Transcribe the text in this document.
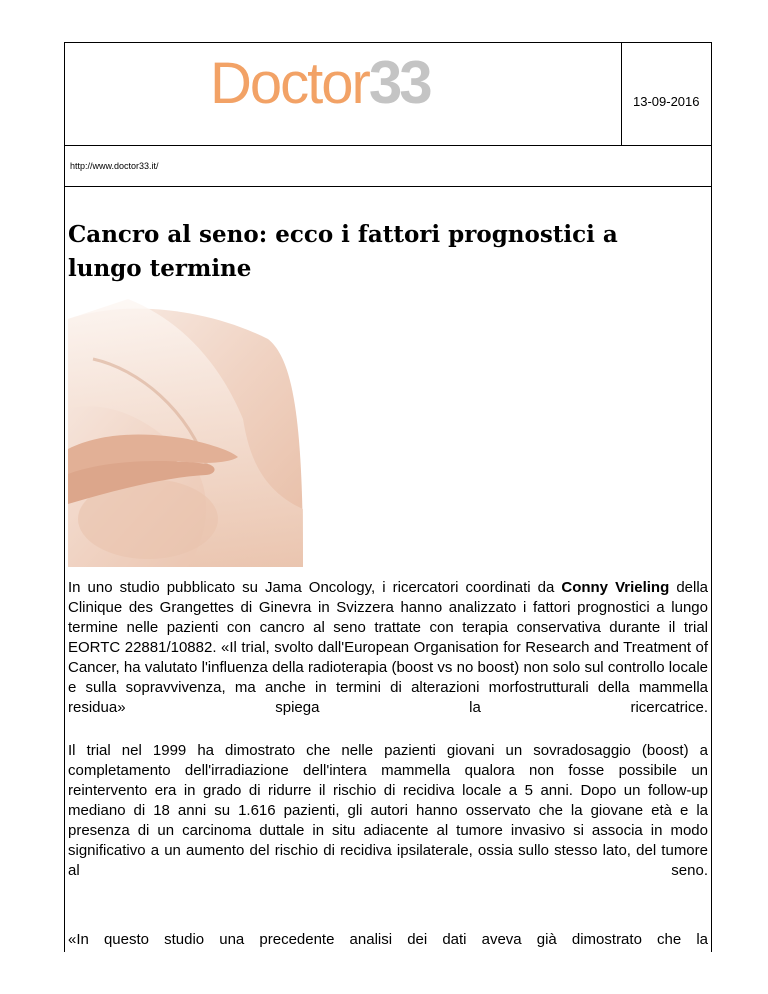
Doctor33	13-09-2016
http://www.doctor33.it/
Cancro al seno: ecco i fattori prognostici a lungo termine

In uno studio pubblicato su Jama Oncology, i ricercatori coordinati da Conny Vrieling della Clinique des Grangettes di Ginevra in Svizzera hanno analizzato i fattori prognostici a lungo termine nelle pazienti con cancro al seno trattate con terapia conservativa durante il trial EORTC 22881/10882. «Il trial, svolto dall'European Organisation for Research and Treatment of Cancer, ha valutato l'influenza della radioterapia (boost vs no boost) non solo sul controllo locale e sulla sopravvivenza, ma anche in termini di alterazioni morfostrutturali della mammella residua» spiega la ricercatrice.

Il trial nel 1999 ha dimostrato che nelle pazienti giovani un sovradosaggio (boost) a completamento dell'irradiazione dell'intera mammella qualora non fosse possibile un reintervento era in grado di ridurre il rischio di recidiva locale a 5 anni. Dopo un follow-up mediano di 18 anni su 1.616 pazienti, gli autori hanno osservato che la giovane età e la presenza di un carcinoma duttale in situ adiacente al tumore invasivo si associa in modo significativo a un aumento del rischio di recidiva ipsilaterale, ossia sullo stesso lato, del tumore al seno.

«In questo studio una precedente analisi dei dati aveva già dimostrato che la
